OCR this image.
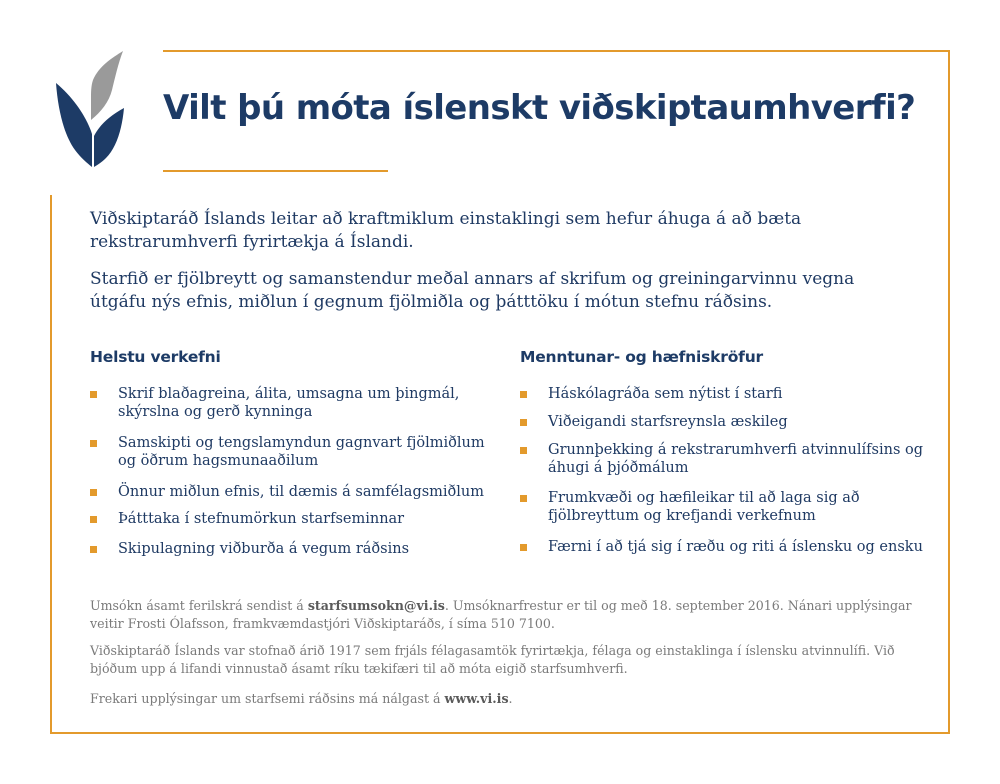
Vilt þú móta íslenskt viðskiptaumhverfi?

Viðskiptaráð Íslands leitar að kraftmiklum einstaklingi sem hefur áhuga á að bæta rekstrarumhverfi fyrirtækja á Íslandi.

Starfið er fjölbreytt og samanstendur meðal annars af skrifum og greiningarvinnu vegna útgáfu nýs efnis, miðlun í gegnum fjölmiðla og þátttöku í mótun stefnu ráðsins.

Helstu verkefni
Skrif blaðagreina, álita, umsagna um þingmál, skýrslna og gerð kynninga
Samskipti og tengslamyndun gagnvart fjölmiðlum og öðrum hagsmunaaðilum
Önnur miðlun efnis, til dæmis á samfélagsmiðlum
Þátttaka í stefnumörkun starfseminnar
Skipulagning viðburða á vegum ráðsins
Menntunar- og hæfniskröfur
Háskólagráða sem nýtist í starfi
Viðeigandi starfsreynsla æskileg
Grunnþekking á rekstrarumhverfi atvinnulífsins og áhugi á þjóðmálum
Frumkvæði og hæfileikar til að laga sig að fjölbreyttum og krefjandi verkefnum
Færni í að tjá sig í ræðu og riti á íslensku og ensku

Umsókn ásamt ferilskrá sendist á starfsumsokn@vi.is. Umsóknarfrestur er til og með 18. september 2016. Nánari upplýsingar veitir Frosti Ólafsson, framkvæmdastjóri Viðskiptaráðs, í síma 510 7100.

Viðskiptaráð Íslands var stofnað árið 1917 sem frjáls félagasamtök fyrirtækja, félaga og einstaklinga í íslensku atvinnulífi. Við bjóðum upp á lifandi vinnustað ásamt ríku tækifæri til að móta eigið starfsumhverfi.

Frekari upplýsingar um starfsemi ráðsins má nálgast á www.vi.is.
